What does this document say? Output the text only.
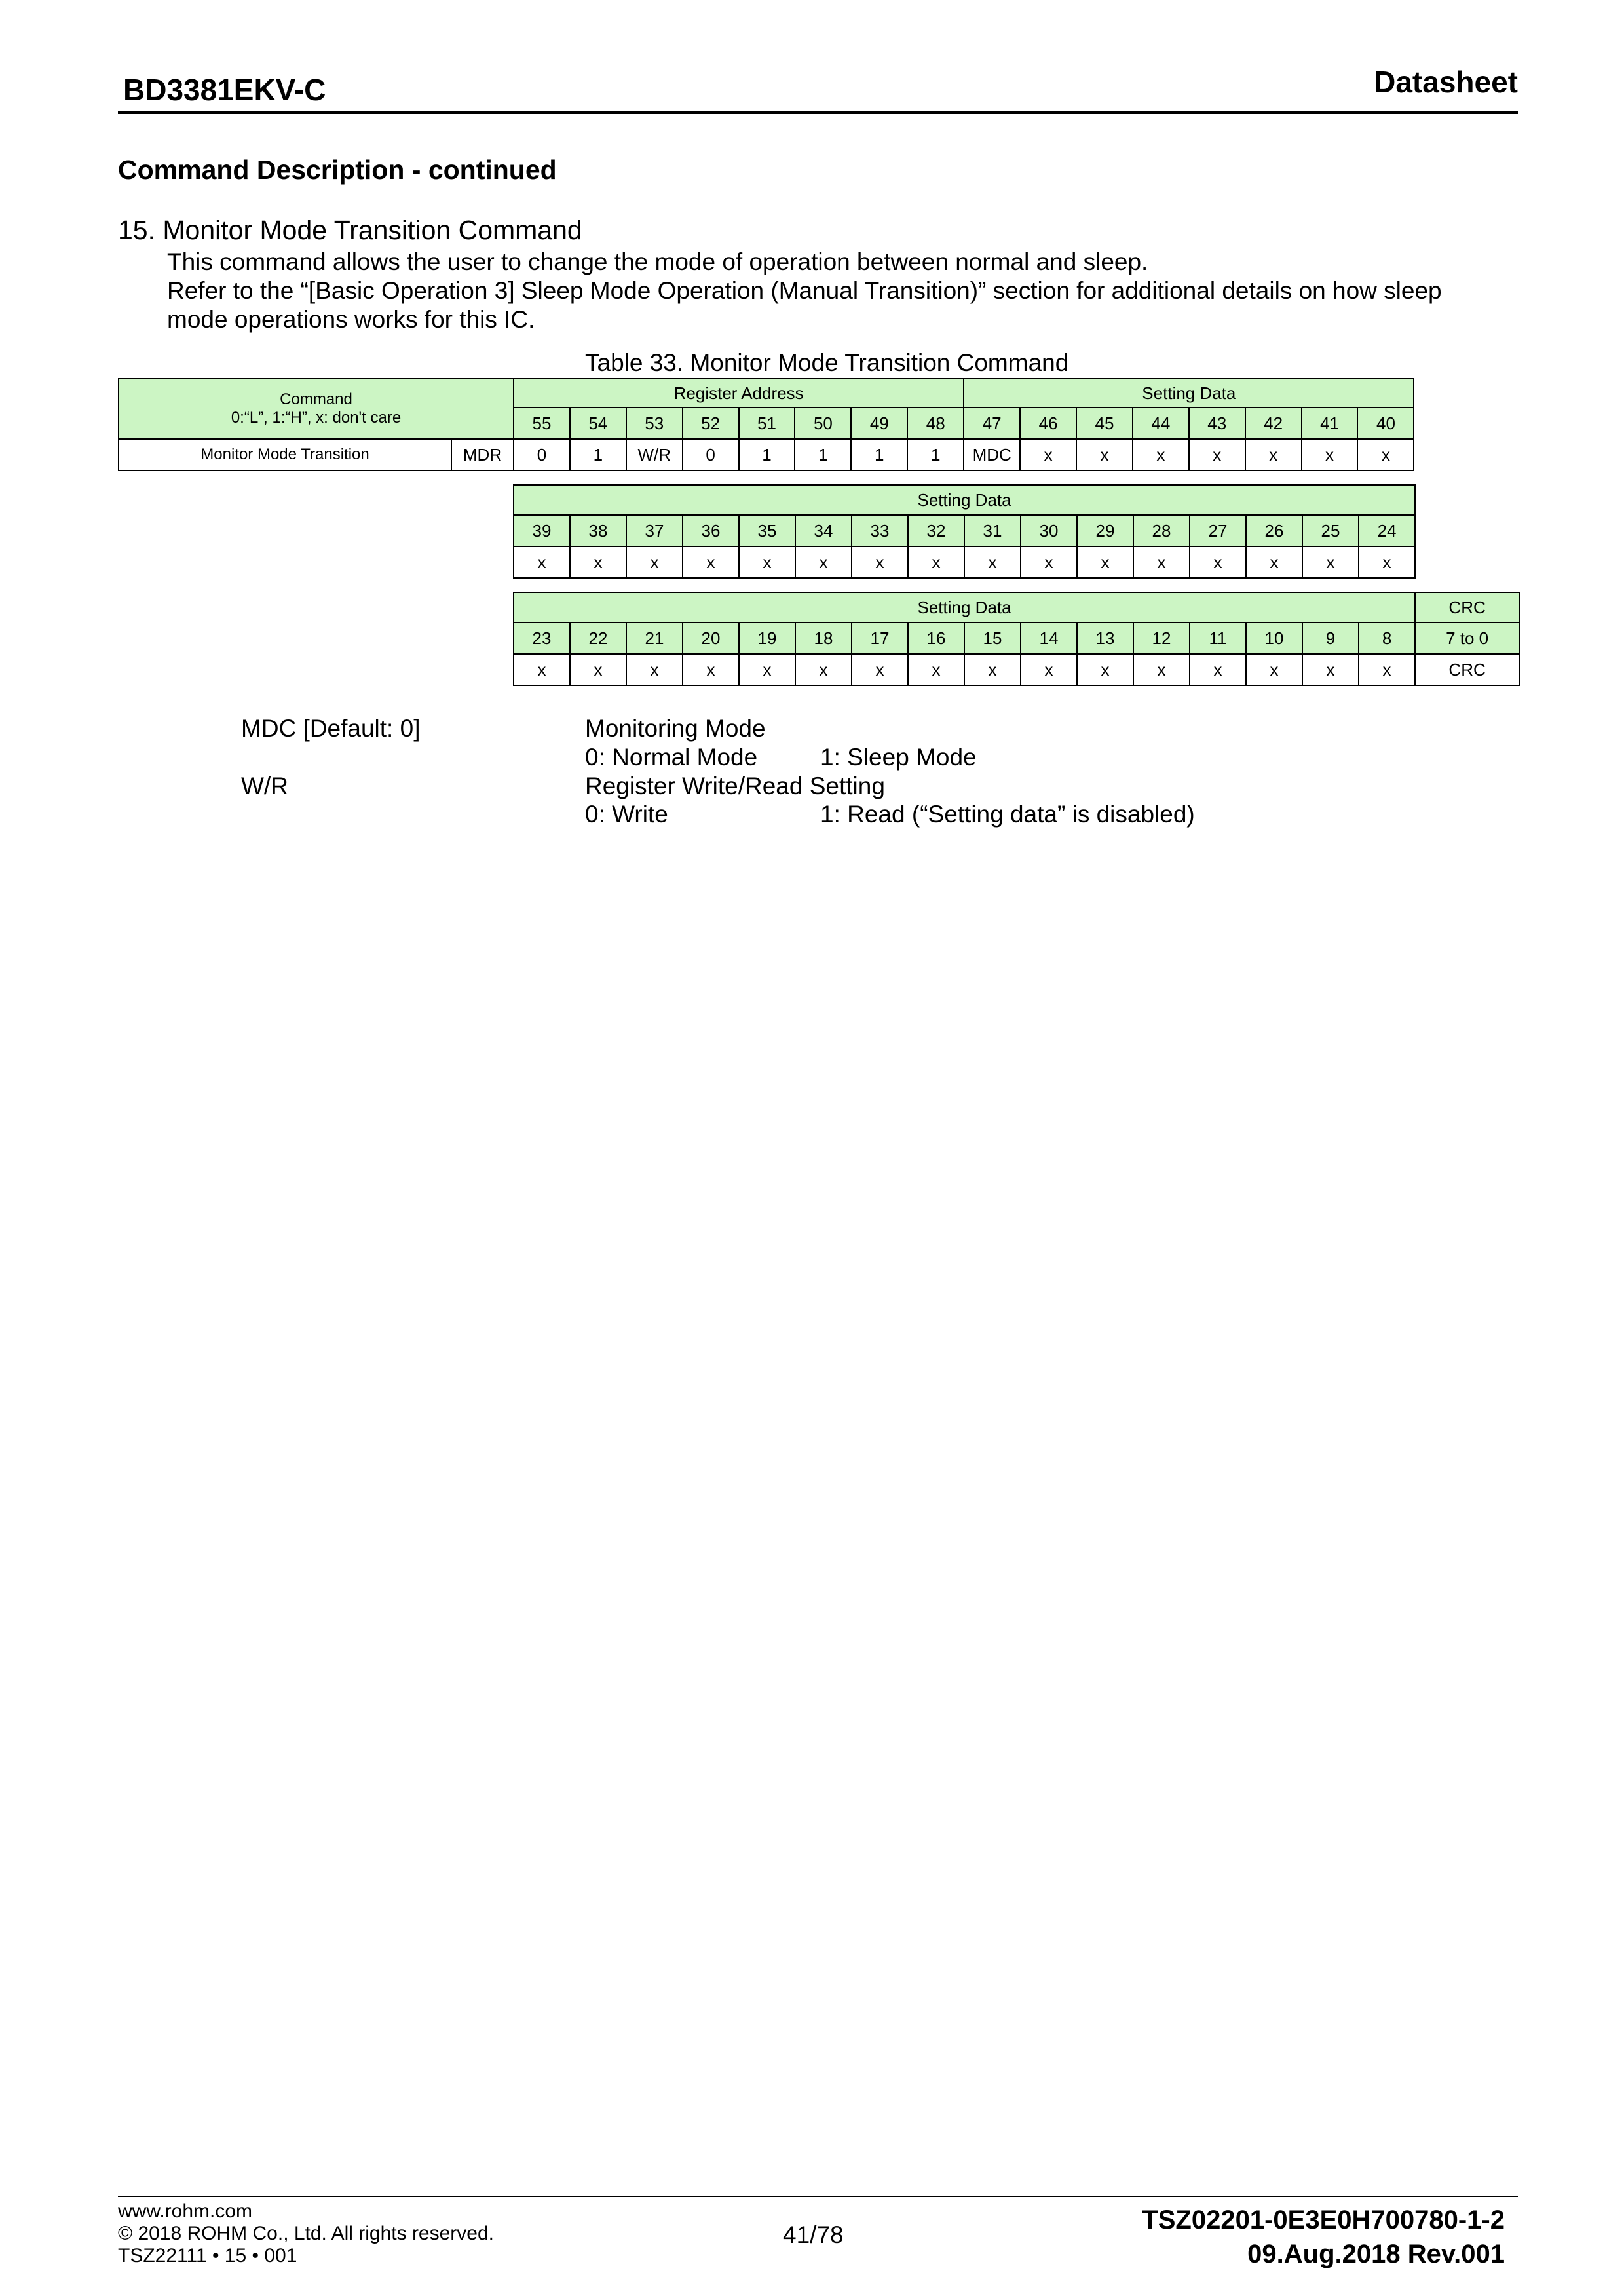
BD3381EKV-C	Datasheet
Command Description - continued
15. Monitor Mode Transition Command
This command allows the user to change the mode of operation between normal and sleep.
Refer to the “[Basic Operation 3] Sleep Mode Operation (Manual Transition)” section for additional details on how sleep
mode operations works for this IC.
Table 33. Monitor Mode Transition Command
Command
0:“L”, 1:“H”, x: don't care		Register Address								Setting Data							
		55	54	53	52	51	50	49	48	47	46	45	44	43	42	41	40
Monitor Mode Transition	MDR	0	1	W/R	0	1	1	1	1	MDC	x	x	x	x	x	x	x
Setting Data															
39	38	37	36	35	34	33	32	31	30	29	28	27	26	25	24
x	x	x	x	x	x	x	x	x	x	x	x	x	x	x	x
Setting Data																CRC
23	22	21	20	19	18	17	16	15	14	13	12	11	10	9	8	7 to 0
x	x	x	x	x	x	x	x	x	x	x	x	x	x	x	x	CRC
MDC [Default: 0]	Monitoring Mode
0: Normal Mode	1: Sleep Mode
W/R	Register Write/Read Setting
0: Write	1: Read (“Setting data” is disabled)
www.rohm.com
© 2018 ROHM Co., Ltd. All rights reserved.
TSZ22111 • 15 • 001
41/78
TSZ02201-0E3E0H700780-1-2
09.Aug.2018 Rev.001
